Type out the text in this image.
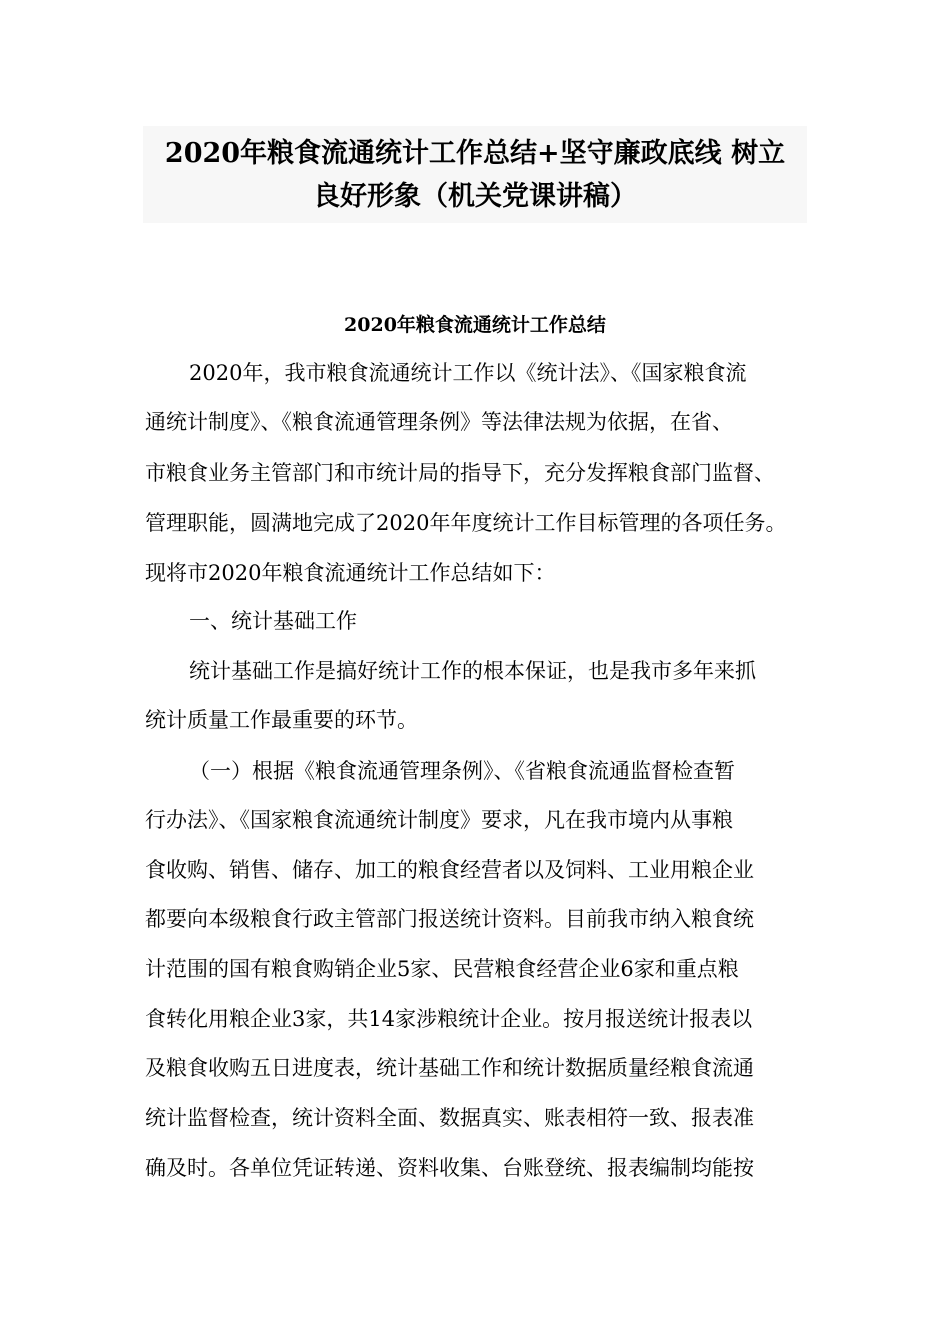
2020年粮食流通统计工作总结+坚守廉政底线 树立
良好形象（机关党课讲稿）
2020年粮食流通统计工作总结
2020年，我市粮食流通统计工作以《统计法》、《国家粮食流
通统计制度》、《粮食流通管理条例》等法律法规为依据，在省、
市粮食业务主管部门和市统计局的指导下，充分发挥粮食部门监督、
管理职能，圆满地完成了2020年年度统计工作目标管理的各项任务。
现将市2020年粮食流通统计工作总结如下：
一、统计基础工作
统计基础工作是搞好统计工作的根本保证，也是我市多年来抓
统计质量工作最重要的环节。
（一）根据《粮食流通管理条例》、《省粮食流通监督检查暂
行办法》、《国家粮食流通统计制度》要求，凡在我市境内从事粮
食收购、销售、储存、加工的粮食经营者以及饲料、工业用粮企业
都要向本级粮食行政主管部门报送统计资料。目前我市纳入粮食统
计范围的国有粮食购销企业5家、民营粮食经营企业6家和重点粮
食转化用粮企业3家，共14家涉粮统计企业。按月报送统计报表以
及粮食收购五日进度表，统计基础工作和统计数据质量经粮食流通
统计监督检查，统计资料全面、数据真实、账表相符一致、报表准
确及时。各单位凭证转递、资料收集、台账登统、报表编制均能按
